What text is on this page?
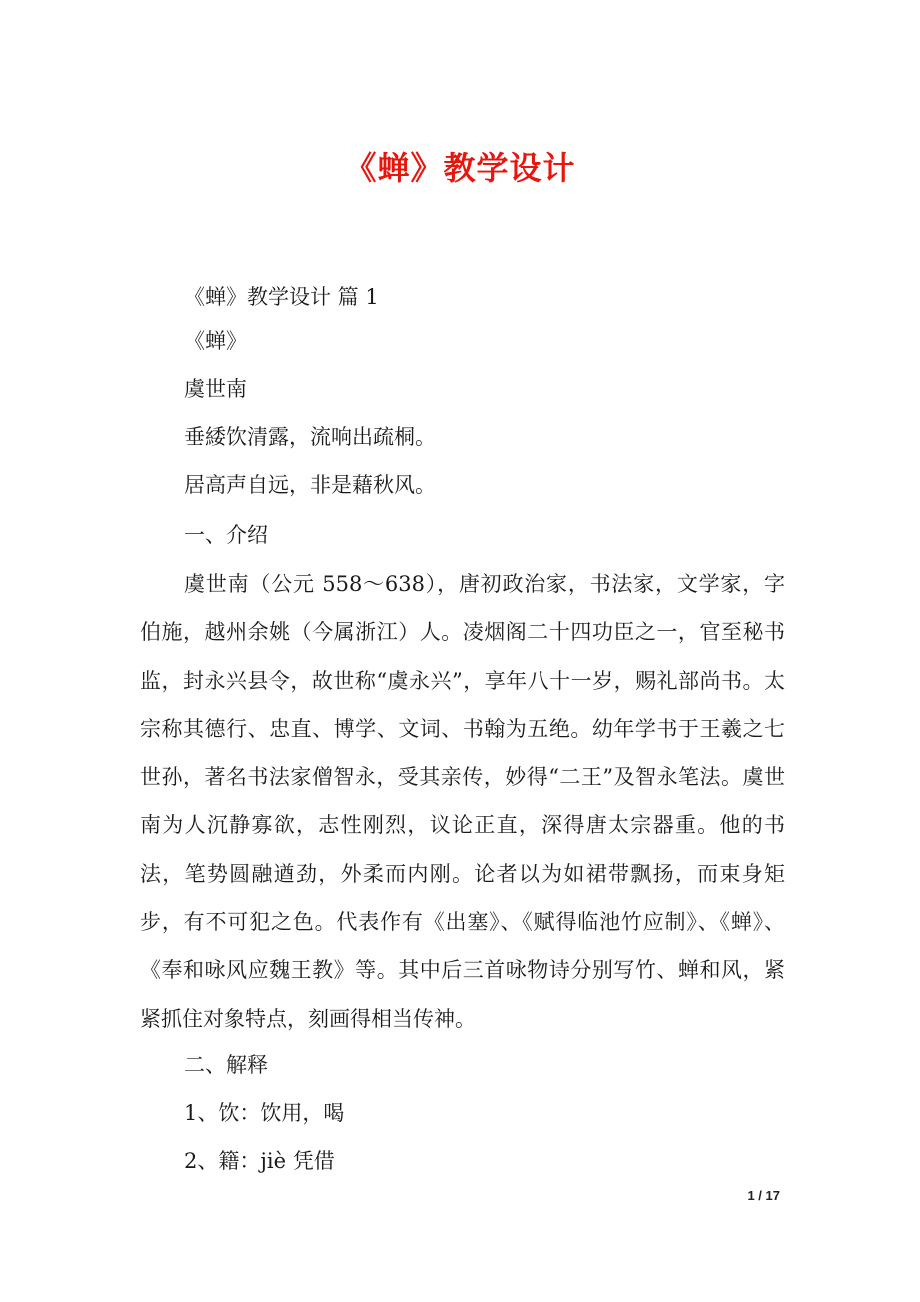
《蝉》教学设计
《蝉》教学设计 篇 1
《蝉》
虞世南
垂緌饮清露，流响出疏桐。
居高声自远，非是藉秋风。
一、介绍

虞世南（公元 558～638），唐初政治家，书法家，文学家，字伯施，越州余姚（今属浙江）人。凌烟阁二十四功臣之一，官至秘书监，封永兴县令，故世称“虞永兴”，享年八十一岁，赐礼部尚书。太宗称其德行、忠直、博学、文词、书翰为五绝。幼年学书于王羲之七世孙，著名书法家僧智永，受其亲传，妙得“二王”及智永笔法。虞世南为人沉静寡欲，志性刚烈，议论正直，深得唐太宗器重。他的书法，笔势圆融遒劲，外柔而内刚。论者以为如裙带飘扬，而束身矩步，有不可犯之色。代表作有《出塞》、《赋得临池竹应制》、《蝉》、《奉和咏风应魏王教》等。其中后三首咏物诗分别写竹、蝉和风，紧紧抓住对象特点，刻画得相当传神。

二、解释
1、饮：饮用，喝
2、籍：jiè 凭借
1 / 17
